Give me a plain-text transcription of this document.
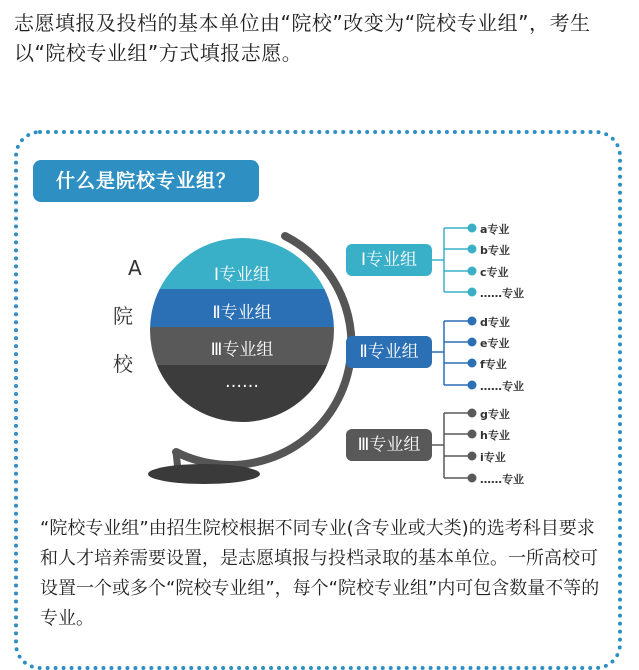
志愿填报及投档的基本单位由“院校”改变为“院校专业组”，考生以“院校专业组”方式填报志愿。
什么是院校专业组？
A
院
校
Ⅰ专业组
Ⅱ专业组
Ⅲ专业组
……
Ⅰ专业组
Ⅱ专业组
Ⅲ专业组
a专业
b专业
c专业
……专业
d专业
e专业
f专业
……专业
g专业
h专业
i专业
……专业
“院校专业组”由招生院校根据不同专业(含专业或大类)的选考科目要求和人才培养需要设置，是志愿填报与投档录取的基本单位。一所高校可设置一个或多个“院校专业组”，每个“院校专业组”内可包含数量不等的专业。
